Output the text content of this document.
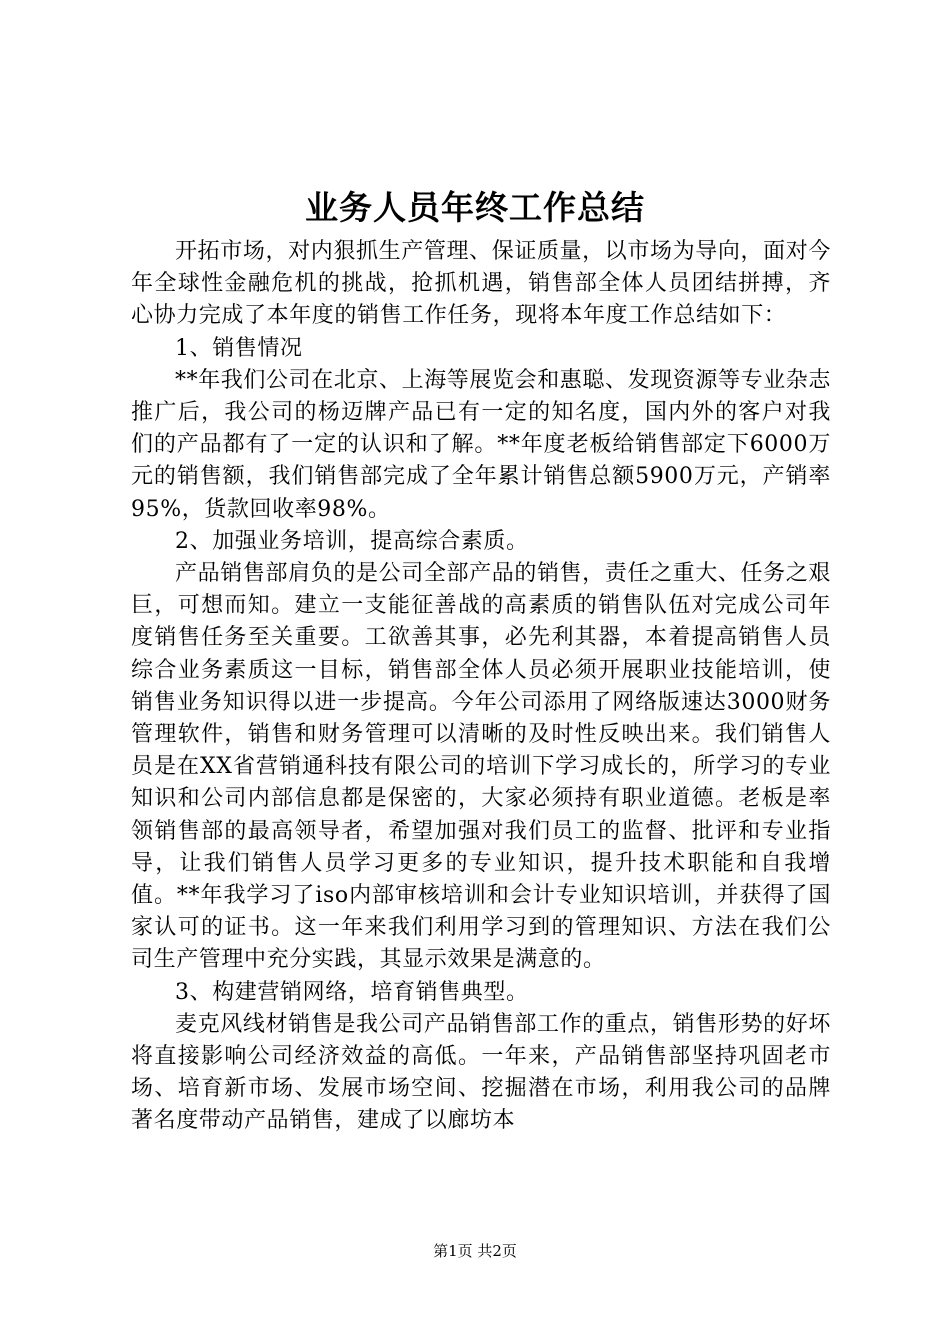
业务人员年终工作总结

开拓市场，对内狠抓生产管理、保证质量，以市场为导向，面对今年全球性金融危机的挑战，抢抓机遇，销售部全体人员团结拼搏，齐心协力完成了本年度的销售工作任务，现将本年度工作总结如下：

1、销售情况

**年我们公司在北京、上海等展览会和惠聪、发现资源等专业杂志推广后，我公司的杨迈牌产品已有一定的知名度，国内外的客户对我们的产品都有了一定的认识和了解。**年度老板给销售部定下6000万元的销售额，我们销售部完成了全年累计销售总额5900万元，产销率95%，货款回收率98%。

2、加强业务培训，提高综合素质。

产品销售部肩负的是公司全部产品的销售，责任之重大、任务之艰巨，可想而知。建立一支能征善战的高素质的销售队伍对完成公司年度销售任务至关重要。工欲善其事，必先利其器，本着提高销售人员综合业务素质这一目标，销售部全体人员必须开展职业技能培训，使销售业务知识得以进一步提高。今年公司添用了网络版速达3000财务管理软件，销售和财务管理可以清晰的及时性反映出来。我们销售人员是在XX省营销通科技有限公司的培训下学习成长的，所学习的专业知识和公司内部信息都是保密的，大家必须持有职业道德。老板是率领销售部的最高领导者，希望加强对我们员工的监督、批评和专业指导，让我们销售人员学习更多的专业知识，提升技术职能和自我增值。**年我学习了iso内部审核培训和会计专业知识培训，并获得了国家认可的证书。这一年来我们利用学习到的管理知识、方法在我们公司生产管理中充分实践，其显示效果是满意的。

3、构建营销网络，培育销售典型。

麦克风线材销售是我公司产品销售部工作的重点，销售形势的好坏将直接影响公司经济效益的高低。一年来，产品销售部坚持巩固老市场、培育新市场、发展市场空间、挖掘潜在市场，利用我公司的品牌著名度带动产品销售，建成了以廊坊本

第1页 共2页
